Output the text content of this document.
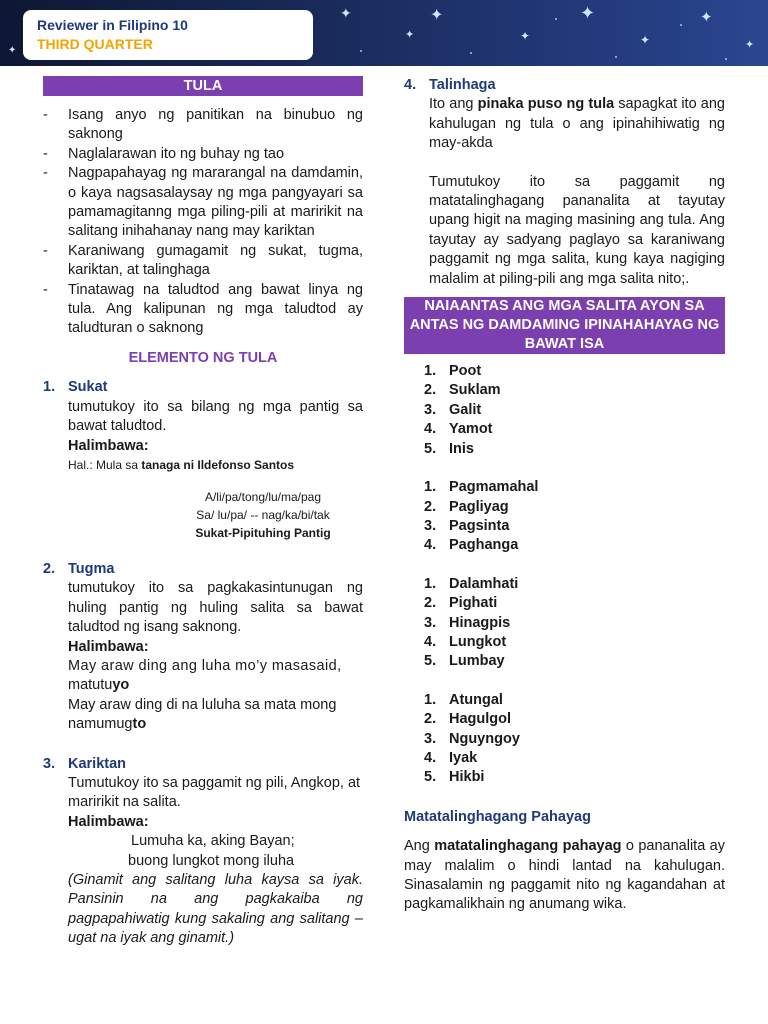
✦
✦
✦
✦
✦
✦
✦
✦
✦
Reviewer in Filipino 10
THIRD QUARTER
TULA
- Isang anyo ng panitikan na binubuo ng saknong
- Naglalarawan ito ng buhay ng tao
- Nagpapahayag ng mararangal na damdamin, o kaya nagsasalaysay ng mga pangyayari sa pamamagitanng mga piling-pili at maririkit na salitang inihahanay nang may kariktan
- Karaniwang gumagamit ng sukat, tugma, kariktan, at talinghaga
- Tinatawag na taludtod ang bawat linya ng tula. Ang kalipunan ng mga taludtod ay taludturan o saknong
ELEMENTO NG TULA
1. Sukat
tumutukoy ito sa bilang ng mga pantig sa bawat taludtod.
Halimbawa:
Hal.: Mula sa tanaga ni Ildefonso Santos
A/li/pa/tong/lu/ma/pag
Sa/ lu/pa/ -- nag/ka/bi/tak
Sukat-Pipituhing Pantig
2. Tugma
tumutukoy ito sa pagkakasintunugan ng huling pantig ng huling salita sa bawat taludtod ng isang saknong.
Halimbawa:
May araw ding ang luha mo’y masasaid,
matutuyo
May araw ding di na luluha sa mata mong
namumugto
3. Kariktan
Tumutukoy ito sa paggamit ng pili, Angkop, at maririkit na salita.
Halimbawa:
Lumuha ka, aking Bayan;
buong lungkot mong iluha
(Ginamit ang salitang luha kaysa sa iyak. Pansinin na ang pagkakaiba ng pagpapahiwatig kung sakaling ang salitang –ugat na iyak ang ginamit.)
4. Talinhaga
Ito ang pinaka puso ng tula sapagkat ito ang kahulugan ng tula o ang ipinahihiwatig ng may-akda
Tumutukoy ito sa paggamit ng matatalinghagang pananalita at tayutay upang higit na maging masining ang tula. Ang tayutay ay sadyang paglayo sa karaniwang paggamit ng mga salita, kung kaya nagiging malalim at piling-pili ang mga salita nito;.
NAIAANTAS ANG MGA SALITA AYON SA ANTAS NG DAMDAMING IPINAHAHAYAG NG BAWAT ISA
1. Poot
2. Suklam
3. Galit
4. Yamot
5. Inis
1. Pagmamahal
2. Pagliyag
3. Pagsinta
4. Paghanga
1. Dalamhati
2. Pighati
3. Hinagpis
4. Lungkot
5. Lumbay
1. Atungal
2. Hagulgol
3. Nguyngoy
4. Iyak
5. Hikbi
Matatalinghagang Pahayag
Ang matatalinghagang pahayag o pananalita ay may malalim o hindi lantad na kahulugan. Sinasalamin ng paggamit nito ng kagandahan at pagkamalikhain ng anumang wika.
